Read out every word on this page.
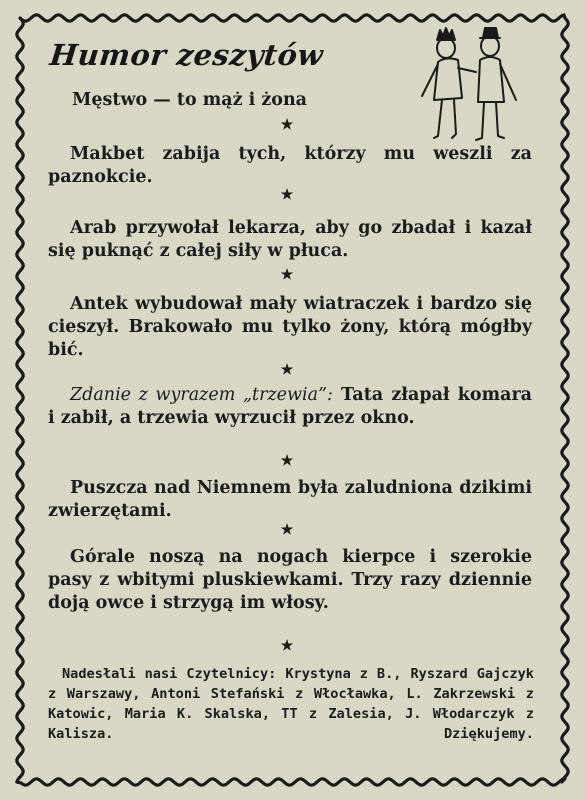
Humor zeszytów
Męstwo — to mąż i żona
★
Makbet zabija tych, którzy mu weszli za paznokcie.
★
Arab przywołał lekarza, aby go zbadał i kazał się puknąć z całej siły w płuca.
★
Antek wybudował mały wiatraczek i bardzo się cieszył. Brakowało mu tylko żony, którą mógłby bić.
★
Zdanie z wyrazem „trzewia”: Tata złapał komara i zabił, a trzewia wyrzucił przez okno.
★
Puszcza nad Niemnem była zaludniona dzikimi zwierzętami.
★
Górale noszą na nogach kierpce i szerokie pasy z wbitymi pluskiewkami. Trzy razy dziennie doją owce i strzygą im włosy.
★
Nadesłali nasi Czytelnicy: Krystyna z B., Ryszard Gajczyk z Warszawy, Antoni Stefański z Włocławka, L. Zakrzewski z Katowic, Maria K. Skalska, TT z Zalesia, J. Włodarczyk z Kalisza.	Dziękujemy.
